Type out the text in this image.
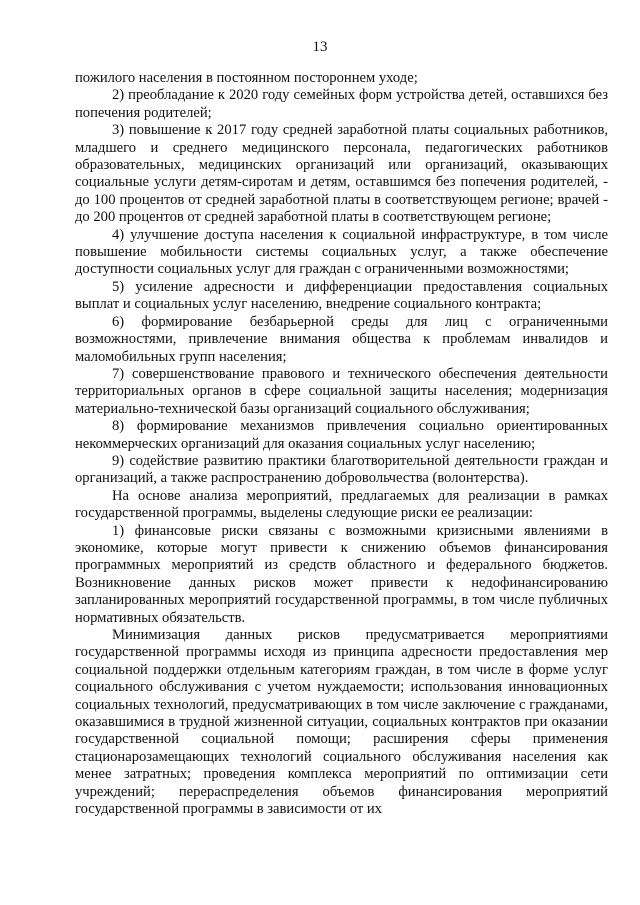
13

пожилого населения в постоянном постороннем уходе;

2) преобладание к 2020 году семейных форм устройства детей, оставшихся без попечения родителей;

3) повышение к 2017 году средней заработной платы социальных работников, младшего и среднего медицинского персонала, педагогических работников образовательных, медицинских организаций или организаций, оказывающих социальные услуги детям-сиротам и детям, оставшимся без попечения родителей, - до 100 процентов от средней заработной платы в соответствующем регионе; врачей - до 200 процентов от средней заработной платы в соответствующем регионе;

4) улучшение доступа населения к социальной инфраструктуре, в том числе повышение мобильности системы социальных услуг, а также обеспечение доступности социальных услуг для граждан с ограниченными возможностями;

5) усиление адресности и дифференциации предоставления социальных выплат и социальных услуг населению, внедрение социального контракта;

6) формирование безбарьерной среды для лиц с ограниченными возможностями, привлечение внимания общества к проблемам инвалидов и маломобильных групп населения;

7) совершенствование правового и технического обеспечения деятельности территориальных органов в сфере социальной защиты населения; модернизация материально-технической базы организаций социального обслуживания;

8) формирование механизмов привлечения социально ориентированных некоммерческих организаций для оказания социальных услуг населению;

9) содействие развитию практики благотворительной деятельности граждан и организаций, а также распространению добровольчества (волонтерства).

На основе анализа мероприятий, предлагаемых для реализации в рамках государственной программы, выделены следующие риски ее реализации:

1) финансовые риски связаны с возможными кризисными явлениями в экономике, которые могут привести к снижению объемов финансирования программных мероприятий из средств областного и федерального бюджетов. Возникновение данных рисков может привести к недофинансированию запланированных мероприятий государственной программы, в том числе публичных нормативных обязательств.

Минимизация данных рисков предусматривается мероприятиями государственной программы исходя из принципа адресности предоставления мер социальной поддержки отдельным категориям граждан, в том числе в форме услуг социального обслуживания с учетом нуждаемости; использования инновационных социальных технологий, предусматривающих в том числе заключение с гражданами, оказавшимися в трудной жизненной ситуации, социальных контрактов при оказании государственной социальной помощи; расширения сферы применения стационарозамещающих технологий социального обслуживания населения как менее затратных; проведения комплекса мероприятий по оптимизации сети учреждений; перераспределения объемов финансирования мероприятий государственной программы в зависимости от их
